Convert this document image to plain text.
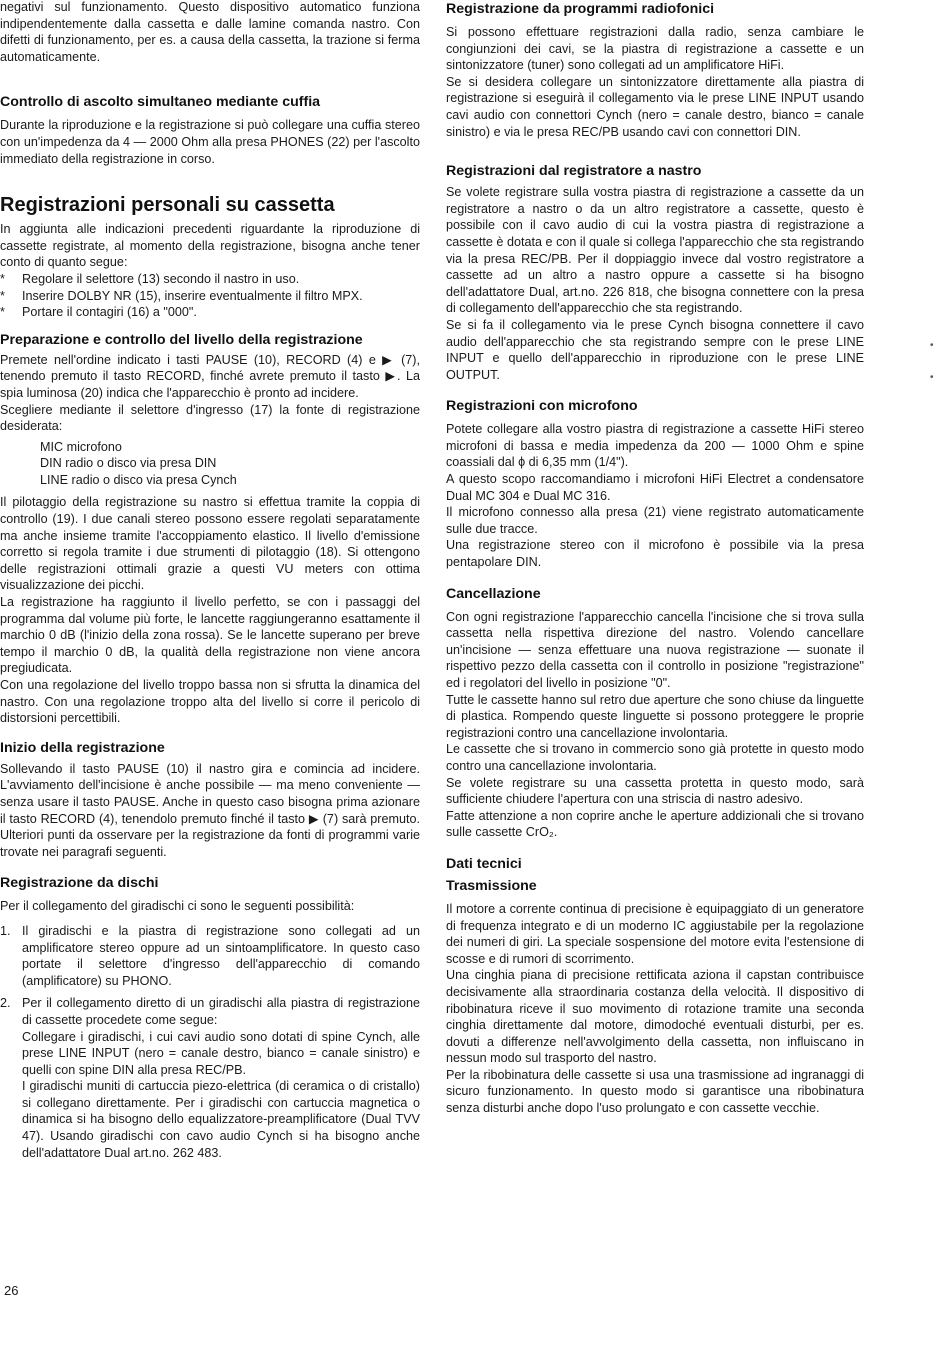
negativi sul funzionamento. Questo dispositivo automatico funziona indipendentemente dalla cassetta e dalle lamine comanda nastro. Con difetti di funzionamento, per es. a causa della cassetta, la trazione si ferma automaticamente.

Controllo di ascolto simultaneo mediante cuffia

Durante la riproduzione e la registrazione si può collegare una cuffia stereo con un'impedenza da 4 — 2000 Ohm alla presa PHONES (22) per l'ascolto immediato della registrazione in corso.

Registrazioni personali su cassetta

In aggiunta alle indicazioni precedenti riguardante la riproduzione di cassette registrate, al momento della registrazione, bisogna anche tener conto di quanto segue:

* Regolare il selettore (13) secondo il nastro in uso.
* Inserire DOLBY NR (15), inserire eventualmente il filtro MPX.
* Portare il contagiri (16) a "000".
Preparazione e controllo del livello della registrazione

Premete nell'ordine indicato i tasti PAUSE (10), RECORD (4) e ▶ (7), tenendo premuto il tasto RECORD, finché avrete premuto il tasto ▶. La spia luminosa (20) indica che l'apparecchio è pronto ad incidere.

Scegliere mediante il selettore d'ingresso (17) la fonte di registrazione desiderata:

MIC microfono
DIN radio o disco via presa DIN
LINE radio o disco via presa Cynch

Il pilotaggio della registrazione su nastro si effettua tramite la coppia di controllo (19). I due canali stereo possono essere regolati separatamente ma anche insieme tramite l'accoppiamento elastico. Il livello d'emissione corretto si regola tramite i due strumenti di pilotaggio (18). Si ottengono delle registrazioni ottimali grazie a questi VU meters con ottima visualizzazione dei picchi.

La registrazione ha raggiunto il livello perfetto, se con i passaggi del programma dal volume più forte, le lancette raggiungeranno esattamente il marchio 0 dB (l'inizio della zona rossa). Se le lancette superano per breve tempo il marchio 0 dB, la qualità della registrazione non viene ancora pregiudicata.

Con una regolazione del livello troppo bassa non si sfrutta la dinamica del nastro. Con una regolazione troppo alta del livello si corre il pericolo di distorsioni percettibili.

Inizio della registrazione

Sollevando il tasto PAUSE (10) il nastro gira e comincia ad incidere. L'avviamento dell'incisione è anche possibile — ma meno conveniente — senza usare il tasto PAUSE. Anche in questo caso bisogna prima azionare il tasto RECORD (4), tenendolo premuto finché il tasto ▶ (7) sarà premuto. Ulteriori punti da osservare per la registrazione da fonti di programmi varie trovate nei paragrafi seguenti.

Registrazione da dischi

Per il collegamento del giradischi ci sono le seguenti possibilità:

1. Il giradischi e la piastra di registrazione sono collegati ad un amplificatore stereo oppure ad un sintoamplificatore. In questo caso portate il selettore d'ingresso dell'apparecchio di comando (amplificatore) su PHONO.

2. Per il collegamento diretto di un giradischi alla piastra di registrazione di cassette procedete come segue:

Collegare i giradischi, i cui cavi audio sono dotati di spine Cynch, alle prese LINE INPUT (nero = canale destro, bianco = canale sinistro) e quelli con spine DIN alla presa REC/PB.

I giradischi muniti di cartuccia piezo-elettrica (di ceramica o di cristallo) si collegano direttamente. Per i giradischi con cartuccia magnetica o dinamica si ha bisogno dello equalizzatore-preamplificatore (Dual TVV 47). Usando giradischi con cavo audio Cynch si ha bisogno anche dell'adattatore Dual art.no. 262 483.

Registrazione da programmi radiofonici

Si possono effettuare registrazioni dalla radio, senza cambiare le congiunzioni dei cavi, se la piastra di registrazione a cassette e un sintonizzatore (tuner) sono collegati ad un amplificatore HiFi.

Se si desidera collegare un sintonizzatore direttamente alla piastra di registrazione si eseguirà il collegamento via le prese LINE INPUT usando cavi audio con connettori Cynch (nero = canale destro, bianco = canale sinistro) e via le presa REC/PB usando cavi con connettori DIN.

Registrazioni dal registratore a nastro

Se volete registrare sulla vostra piastra di registrazione a cassette da un registratore a nastro o da un altro registratore a cassette, questo è possibile con il cavo audio di cui la vostra piastra di registrazione a cassette è dotata e con il quale si collega l'apparecchio che sta registrando via la presa REC/PB. Per il doppiaggio invece dal vostro registratore a cassette ad un altro a nastro oppure a cassette si ha bisogno dell'adattatore Dual, art.no. 226 818, che bisogna connettere con la presa di collegamento dell'apparecchio che sta registrando.

Se si fa il collegamento via le prese Cynch bisogna connettere il cavo audio dell'apparecchio che sta registrando sempre con le prese LINE INPUT e quello dell'apparecchio in riproduzione con le prese LINE OUTPUT.

Registrazioni con microfono

Potete collegare alla vostro piastra di registrazione a cassette HiFi stereo microfoni di bassa e media impedenza da 200 — 1000 Ohm e spine coassiali dal ϕ di 6,35 mm (1/4").

A questo scopo raccomandiamo i microfoni HiFi Electret a condensatore Dual MC 304 e Dual MC 316.

Il microfono connesso alla presa (21) viene registrato automaticamente sulle due tracce.

Una registrazione stereo con il microfono è possibile via la presa pentapolare DIN.

Cancellazione

Con ogni registrazione l'apparecchio cancella l'incisione che si trova sulla cassetta nella rispettiva direzione del nastro. Volendo cancellare un'incisione — senza effettuare una nuova registrazione — suonate il rispettivo pezzo della cassetta con il controllo in posizione "registrazione" ed i regolatori del livello in posizione "0".

Tutte le cassette hanno sul retro due aperture che sono chiuse da linguette di plastica. Rompendo queste linguette si possono proteggere le proprie registrazioni contro una cancellazione involontaria.

Le cassette che si trovano in commercio sono già protette in questo modo contro una cancellazione involontaria.

Se volete registrare su una cassetta protetta in questo modo, sarà sufficiente chiudere l'apertura con una striscia di nastro adesivo.

Fatte attenzione a non coprire anche le aperture addizionali che si trovano sulle cassette CrO₂.

Dati tecnici
Trasmissione

Il motore a corrente continua di precisione è equipaggiato di un generatore di frequenza integrato e di un moderno IC aggiustabile per la regolazione dei numeri di giri. La speciale sospensione del motore evita l'estensione di scosse e di rumori di scorrimento.

Una cinghia piana di precisione rettificata aziona il capstan contribuisce decisivamente alla straordinaria costanza della velocità. Il dispositivo di ribobinatura riceve il suo movimento di rotazione tramite una seconda cinghia direttamente dal motore, dimodoché eventuali disturbi, per es. dovuti a differenze nell'avvolgimento della cassetta, non influiscano in nessun modo sul trasporto del nastro.

Per la ribobinatura delle cassette si usa una trasmissione ad ingranaggi di sicuro funzionamento. In questo modo si garantisce una ribobinatura senza disturbi anche dopo l'uso prolungato e con cassette vecchie.

26
•
•
